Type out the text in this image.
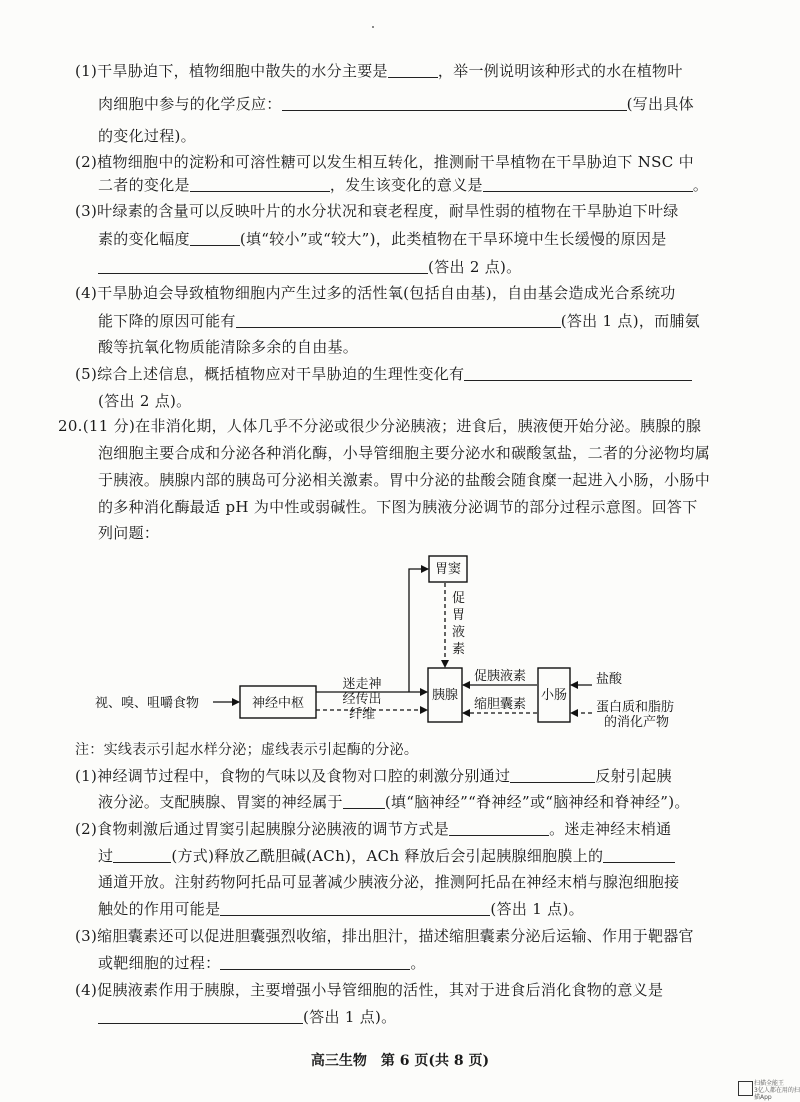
(1)干旱胁迫下，植物细胞中散失的水分主要是	，举一例说明该种形式的水在植物叶
肉细胞中参与的化学反应：	(写出具体
的变化过程)。
(2)植物细胞中的淀粉和可溶性糖可以发生相互转化，推测耐干旱植物在干旱胁迫下 NSC 中
二者的变化是	，发生该变化的意义是	。
(3)叶绿素的含量可以反映叶片的水分状况和衰老程度，耐旱性弱的植物在干旱胁迫下叶绿
素的变化幅度	(填“较小”或“较大”)，此类植物在干旱环境中生长缓慢的原因是
(答出 2 点)。
(4)干旱胁迫会导致植物细胞内产生过多的活性氧(包括自由基)，自由基会造成光合系统功
能下降的原因可能有	(答出 1 点)，而脯氨
酸等抗氧化物质能清除多余的自由基。
(5)综合上述信息，概括植物应对干旱胁迫的生理性变化有
(答出 2 点)。
20.(11 分)在非消化期，人体几乎不分泌或很少分泌胰液；进食后，胰液便开始分泌。胰腺的腺
泡细胞主要合成和分泌各种消化酶，小导管细胞主要分泌水和碳酸氢盐，二者的分泌物均属
于胰液。胰腺内部的胰岛可分泌相关激素。胃中分泌的盐酸会随食糜一起进入小肠，小肠中
的多种消化酶最适 pH 为中性或弱碱性。下图为胰液分泌调节的部分过程示意图。回答下
列问题：
胃窦
神经中枢
胰腺	小肠
视、嗅、咀嚼食物
迷走神
经传出
纤维
促
胃
液
素
促胰液素
缩胆囊素
盐酸
蛋白质和脂肪
的消化产物
注：实线表示引起水样分泌；虚线表示引起酶的分泌。
(1)神经调节过程中，食物的气味以及食物对口腔的刺激分别通过	反射引起胰
液分泌。支配胰腺、胃窦的神经属于	(填“脑神经”“脊神经”或“脑神经和脊神经”)。
(2)食物刺激后通过胃窦引起胰腺分泌胰液的调节方式是	。迷走神经末梢通
过	(方式)释放乙酰胆碱(ACh)，ACh 释放后会引起胰腺细胞膜上的
通道开放。注射药物阿托品可显著减少胰液分泌，推测阿托品在神经末梢与腺泡细胞接
触处的作用可能是	(答出 1 点)。
(3)缩胆囊素还可以促进胆囊强烈收缩，排出胆汁，描述缩胆囊素分泌后运输、作用于靶器官
或靶细胞的过程：	。
(4)促胰液素作用于胰腺，主要增强小导管细胞的活性，其对于进食后消化食物的意义是
(答出 1 点)。
高三生物　第 6 页(共 8 页)
扫描全能王
3亿人都在用的扫描App
